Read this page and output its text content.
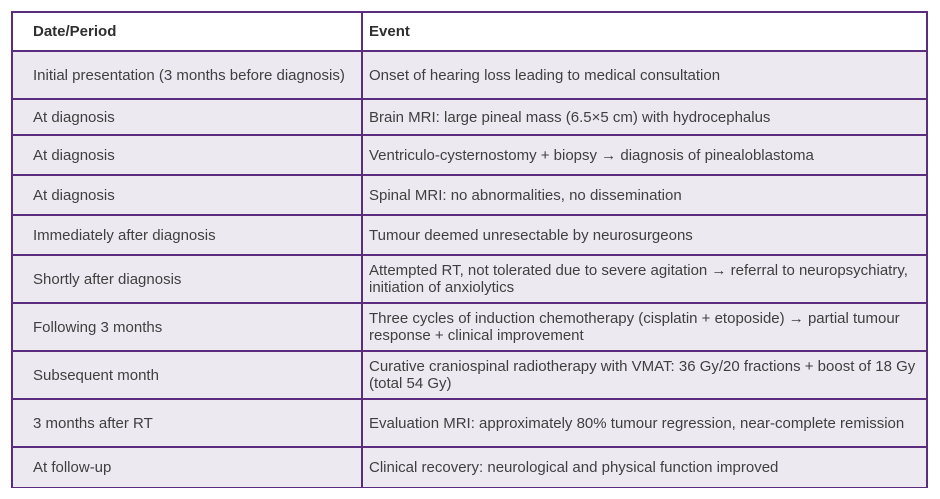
Date/Period	Event
Initial presentation (3 months before diagnosis)	Onset of hearing loss leading to medical consultation
At diagnosis	Brain MRI: large pineal mass (6.5×5 cm) with hydrocephalus
At diagnosis	Ventriculo-cysternostomy + biopsy → diagnosis of pinealoblastoma
At diagnosis	Spinal MRI: no abnormalities, no dissemination
Immediately after diagnosis	Tumour deemed unresectable by neurosurgeons
Shortly after diagnosis	Attempted RT, not tolerated due to severe agitation → referral to neuropsychiatry, initiation of anxiolytics
Following 3 months	Three cycles of induction chemotherapy (cisplatin + etoposide) → partial tumour response + clinical improvement
Subsequent month	Curative craniospinal radiotherapy with VMAT: 36 Gy/20 fractions + boost of 18 Gy (total 54 Gy)
3 months after RT	Evaluation MRI: approximately 80% tumour regression, near-complete remission
At follow-up	Clinical recovery: neurological and physical function improved
